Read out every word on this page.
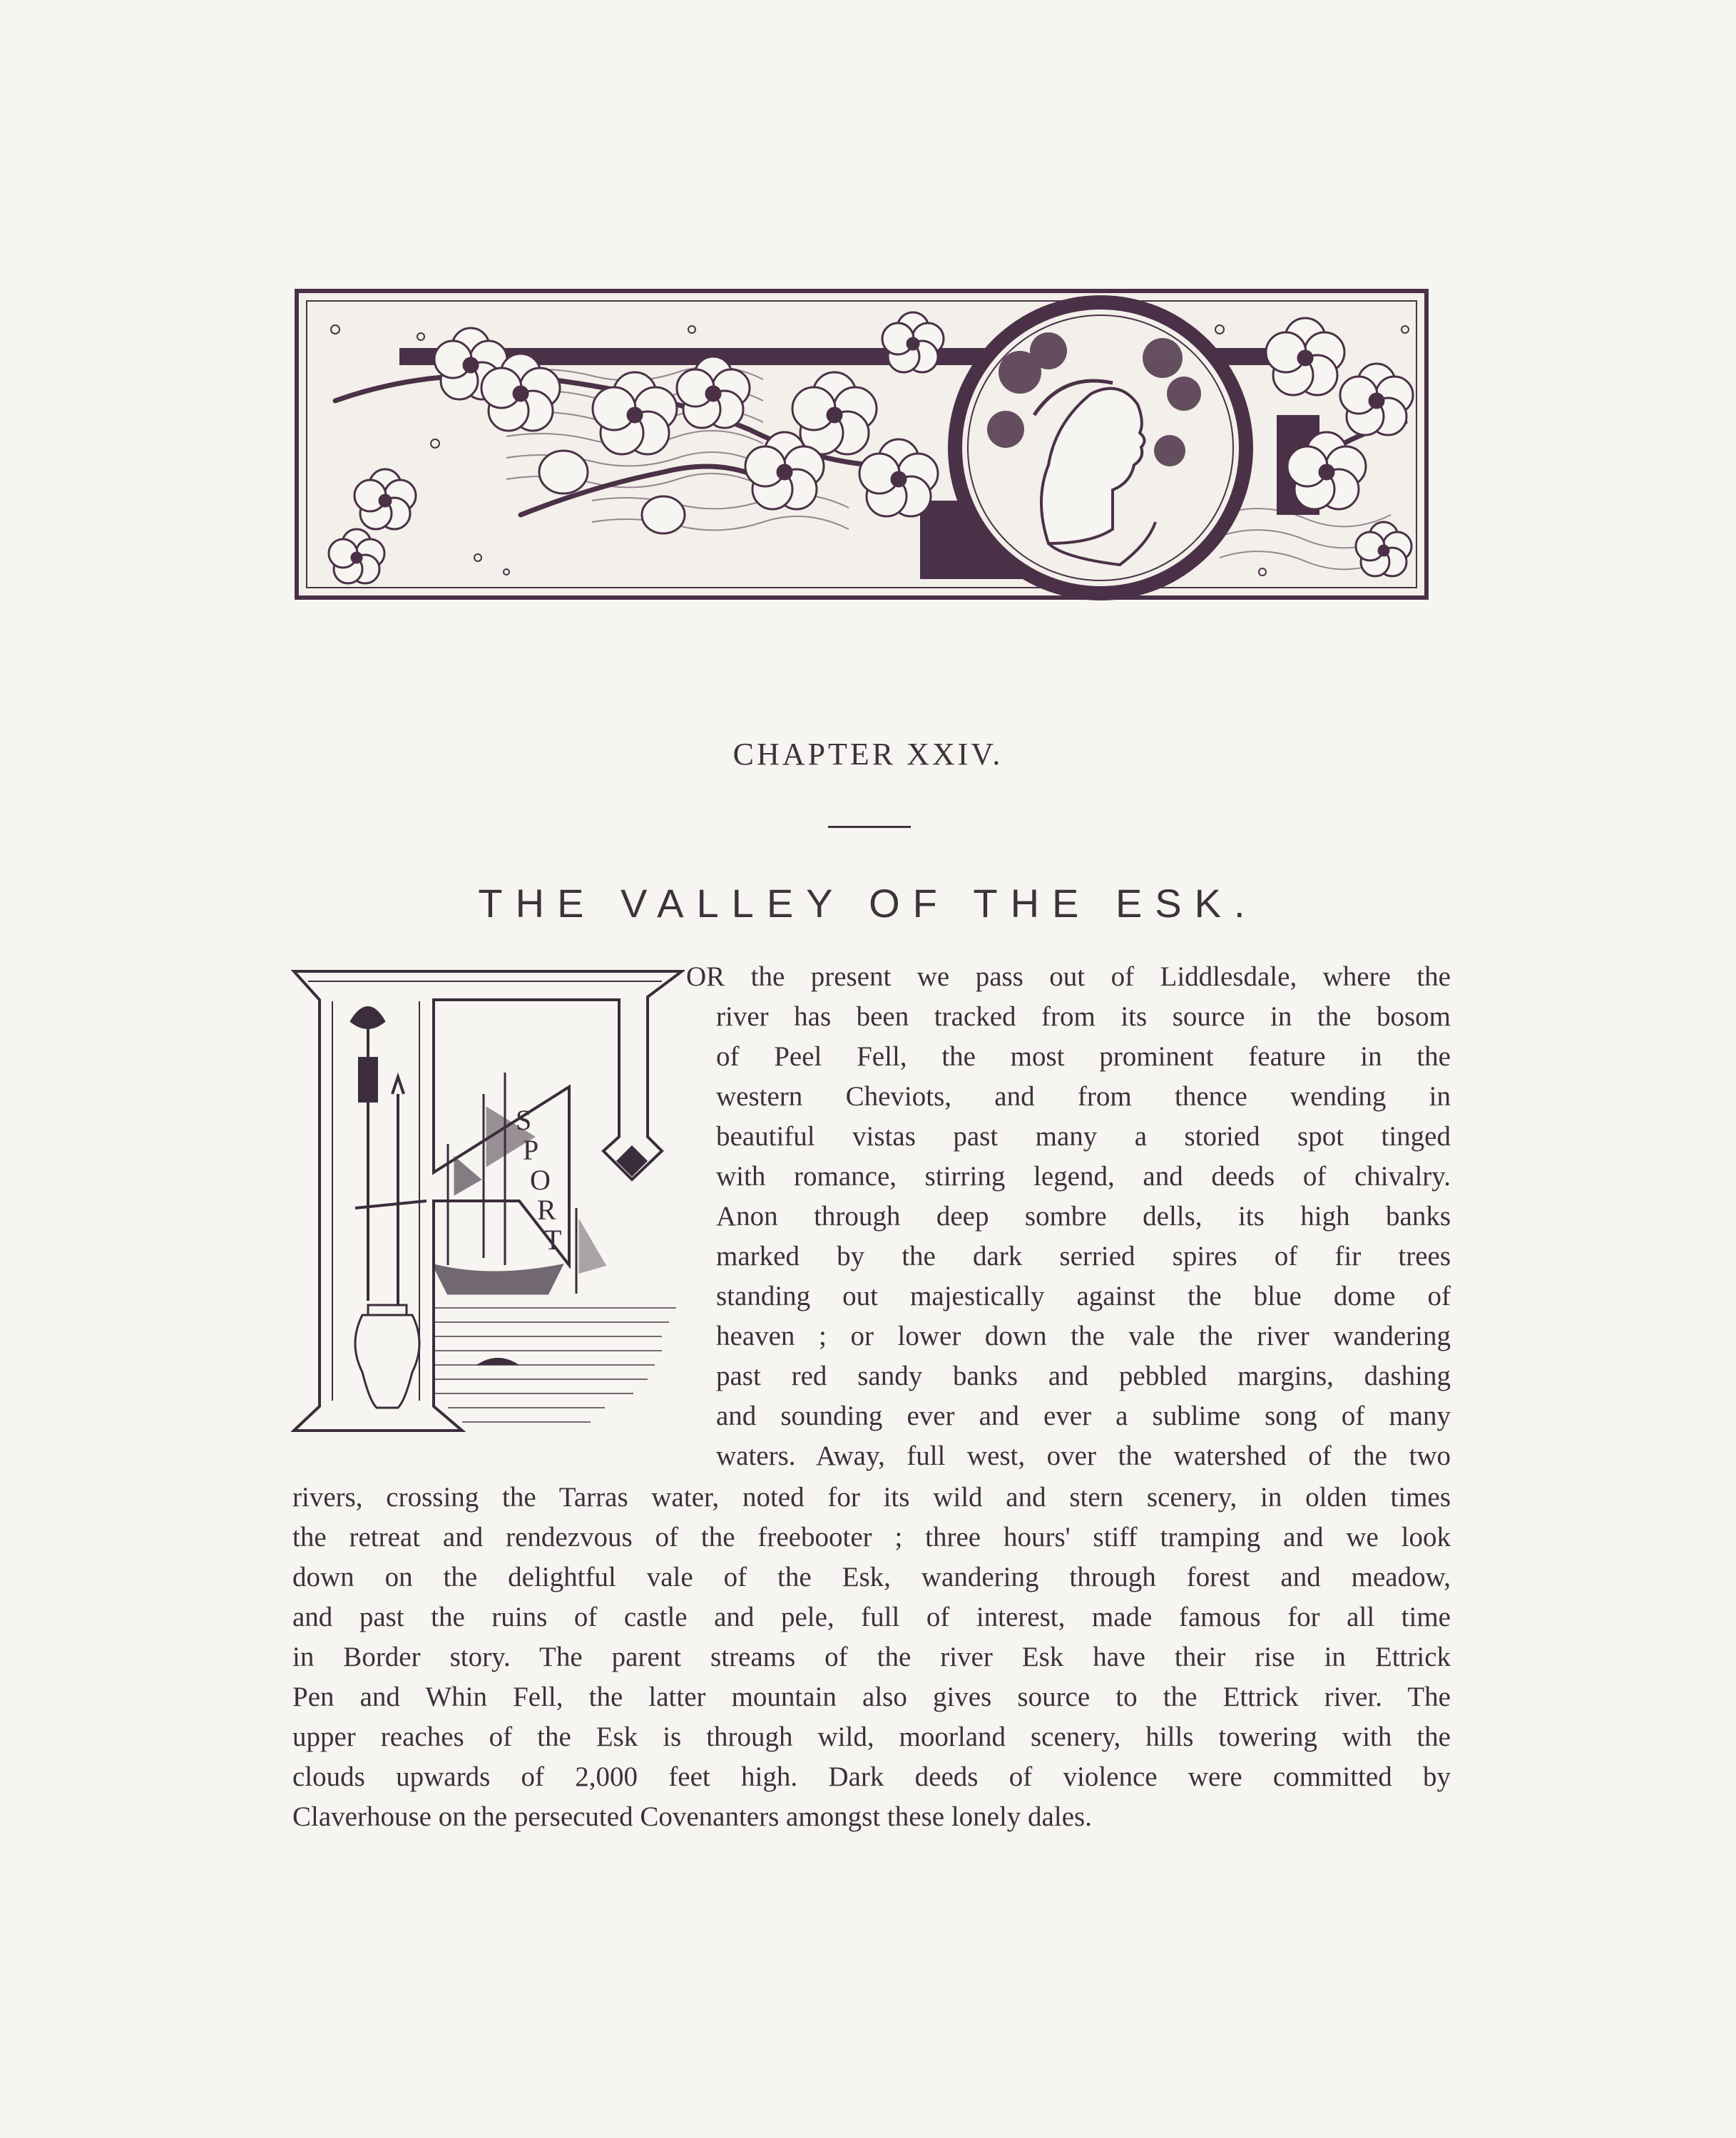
CHAPTER XXIV.
THE VALLEY OF THE ESK.
S
P
O
R
T
OR the present we pass out of Liddlesdale, where the
river has been tracked from its source in the bosom
of Peel Fell, the most prominent feature in the
western Cheviots, and from thence wending in
beautiful vistas past many a storied spot tinged
with romance, stirring legend, and deeds of chivalry.
Anon through deep sombre dells, its high banks
marked by the dark serried spires of fir trees
standing out majestically against the blue dome of
heaven ; or lower down the vale the river wandering
past red sandy banks and pebbled margins, dashing
and sounding ever and ever a sublime song of many
waters. Away, full west, over the watershed of the two
rivers, crossing the Tarras water, noted for its wild and stern scenery, in olden times
the retreat and rendezvous of the freebooter ; three hours' stiff tramping and we look
down on the delightful vale of the Esk, wandering through forest and meadow,
and past the ruins of castle and pele, full of interest, made famous for all time
in Border story. The parent streams of the river Esk have their rise in Ettrick
Pen and Whin Fell, the latter mountain also gives source to the Ettrick river. The
upper reaches of the Esk is through wild, moorland scenery, hills towering with the
clouds upwards of 2,000 feet high. Dark deeds of violence were committed by
Claverhouse on the persecuted Covenanters amongst these lonely dales.
